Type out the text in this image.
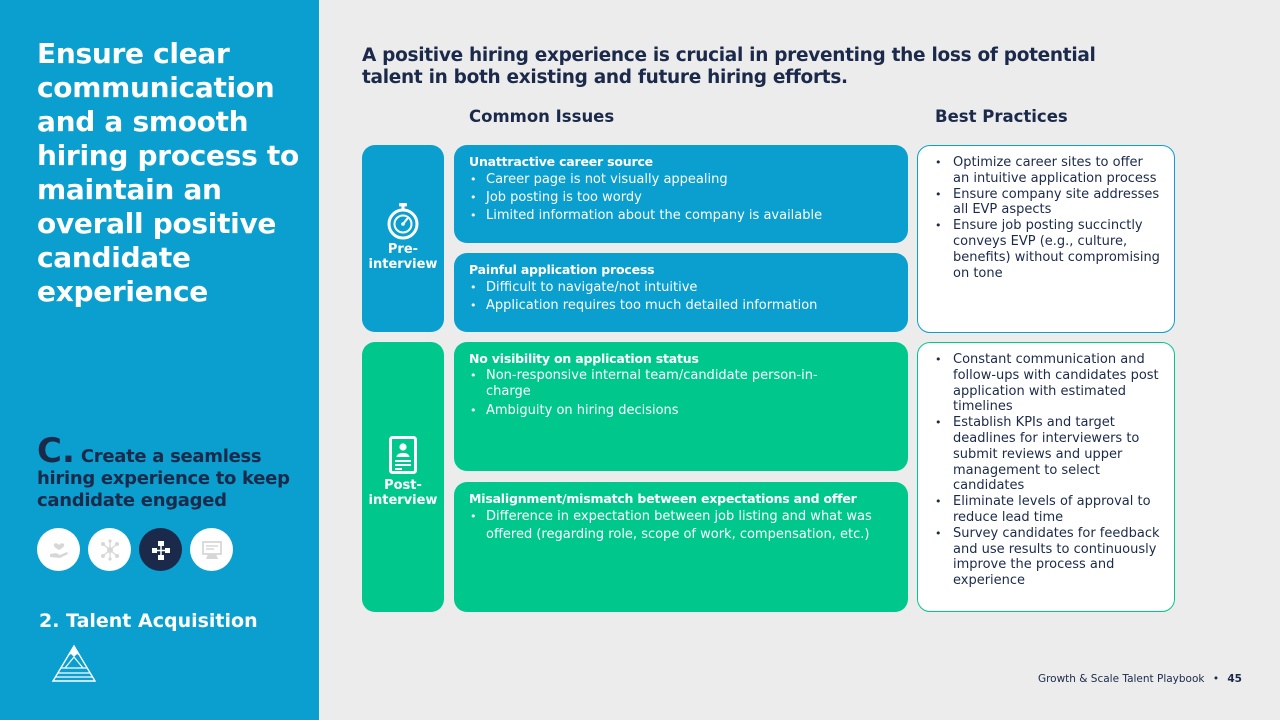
Ensure clear communication and a smooth hiring process to maintain an overall positive candidate experience
C. Create a seamless hiring experience to keep candidate engaged
2. Talent Acquisition
A positive hiring experience is crucial in preventing the loss of potential talent in both existing and future hiring efforts.
Common Issues	Best Practices
Pre-
interview
Unattractive career source
• Career page is not visually appealing
• Job posting is too wordy
• Limited information about the company is available
Painful application process
• Difficult to navigate/not intuitive
• Application requires too much detailed information
• Optimize career sites to offer an intuitive application process
• Ensure company site addresses all EVP aspects
• Ensure job posting succinctly conveys EVP (e.g., culture, benefits) without compromising on tone
Post-
interview
No visibility on application status
• Non-responsive internal team/candidate person-in-charge
• Ambiguity on hiring decisions
Misalignment/mismatch between expectations and offer
• Difference in expectation between job listing and what was offered (regarding role, scope of work, compensation, etc.)
• Constant communication and follow-ups with candidates post application with estimated timelines
• Establish KPIs and target deadlines for interviewers to submit reviews and upper management to select candidates
• Eliminate levels of approval to reduce lead time
• Survey candidates for feedback and use results to continuously improve the process and experience
Growth & Scale Talent Playbook • 45
